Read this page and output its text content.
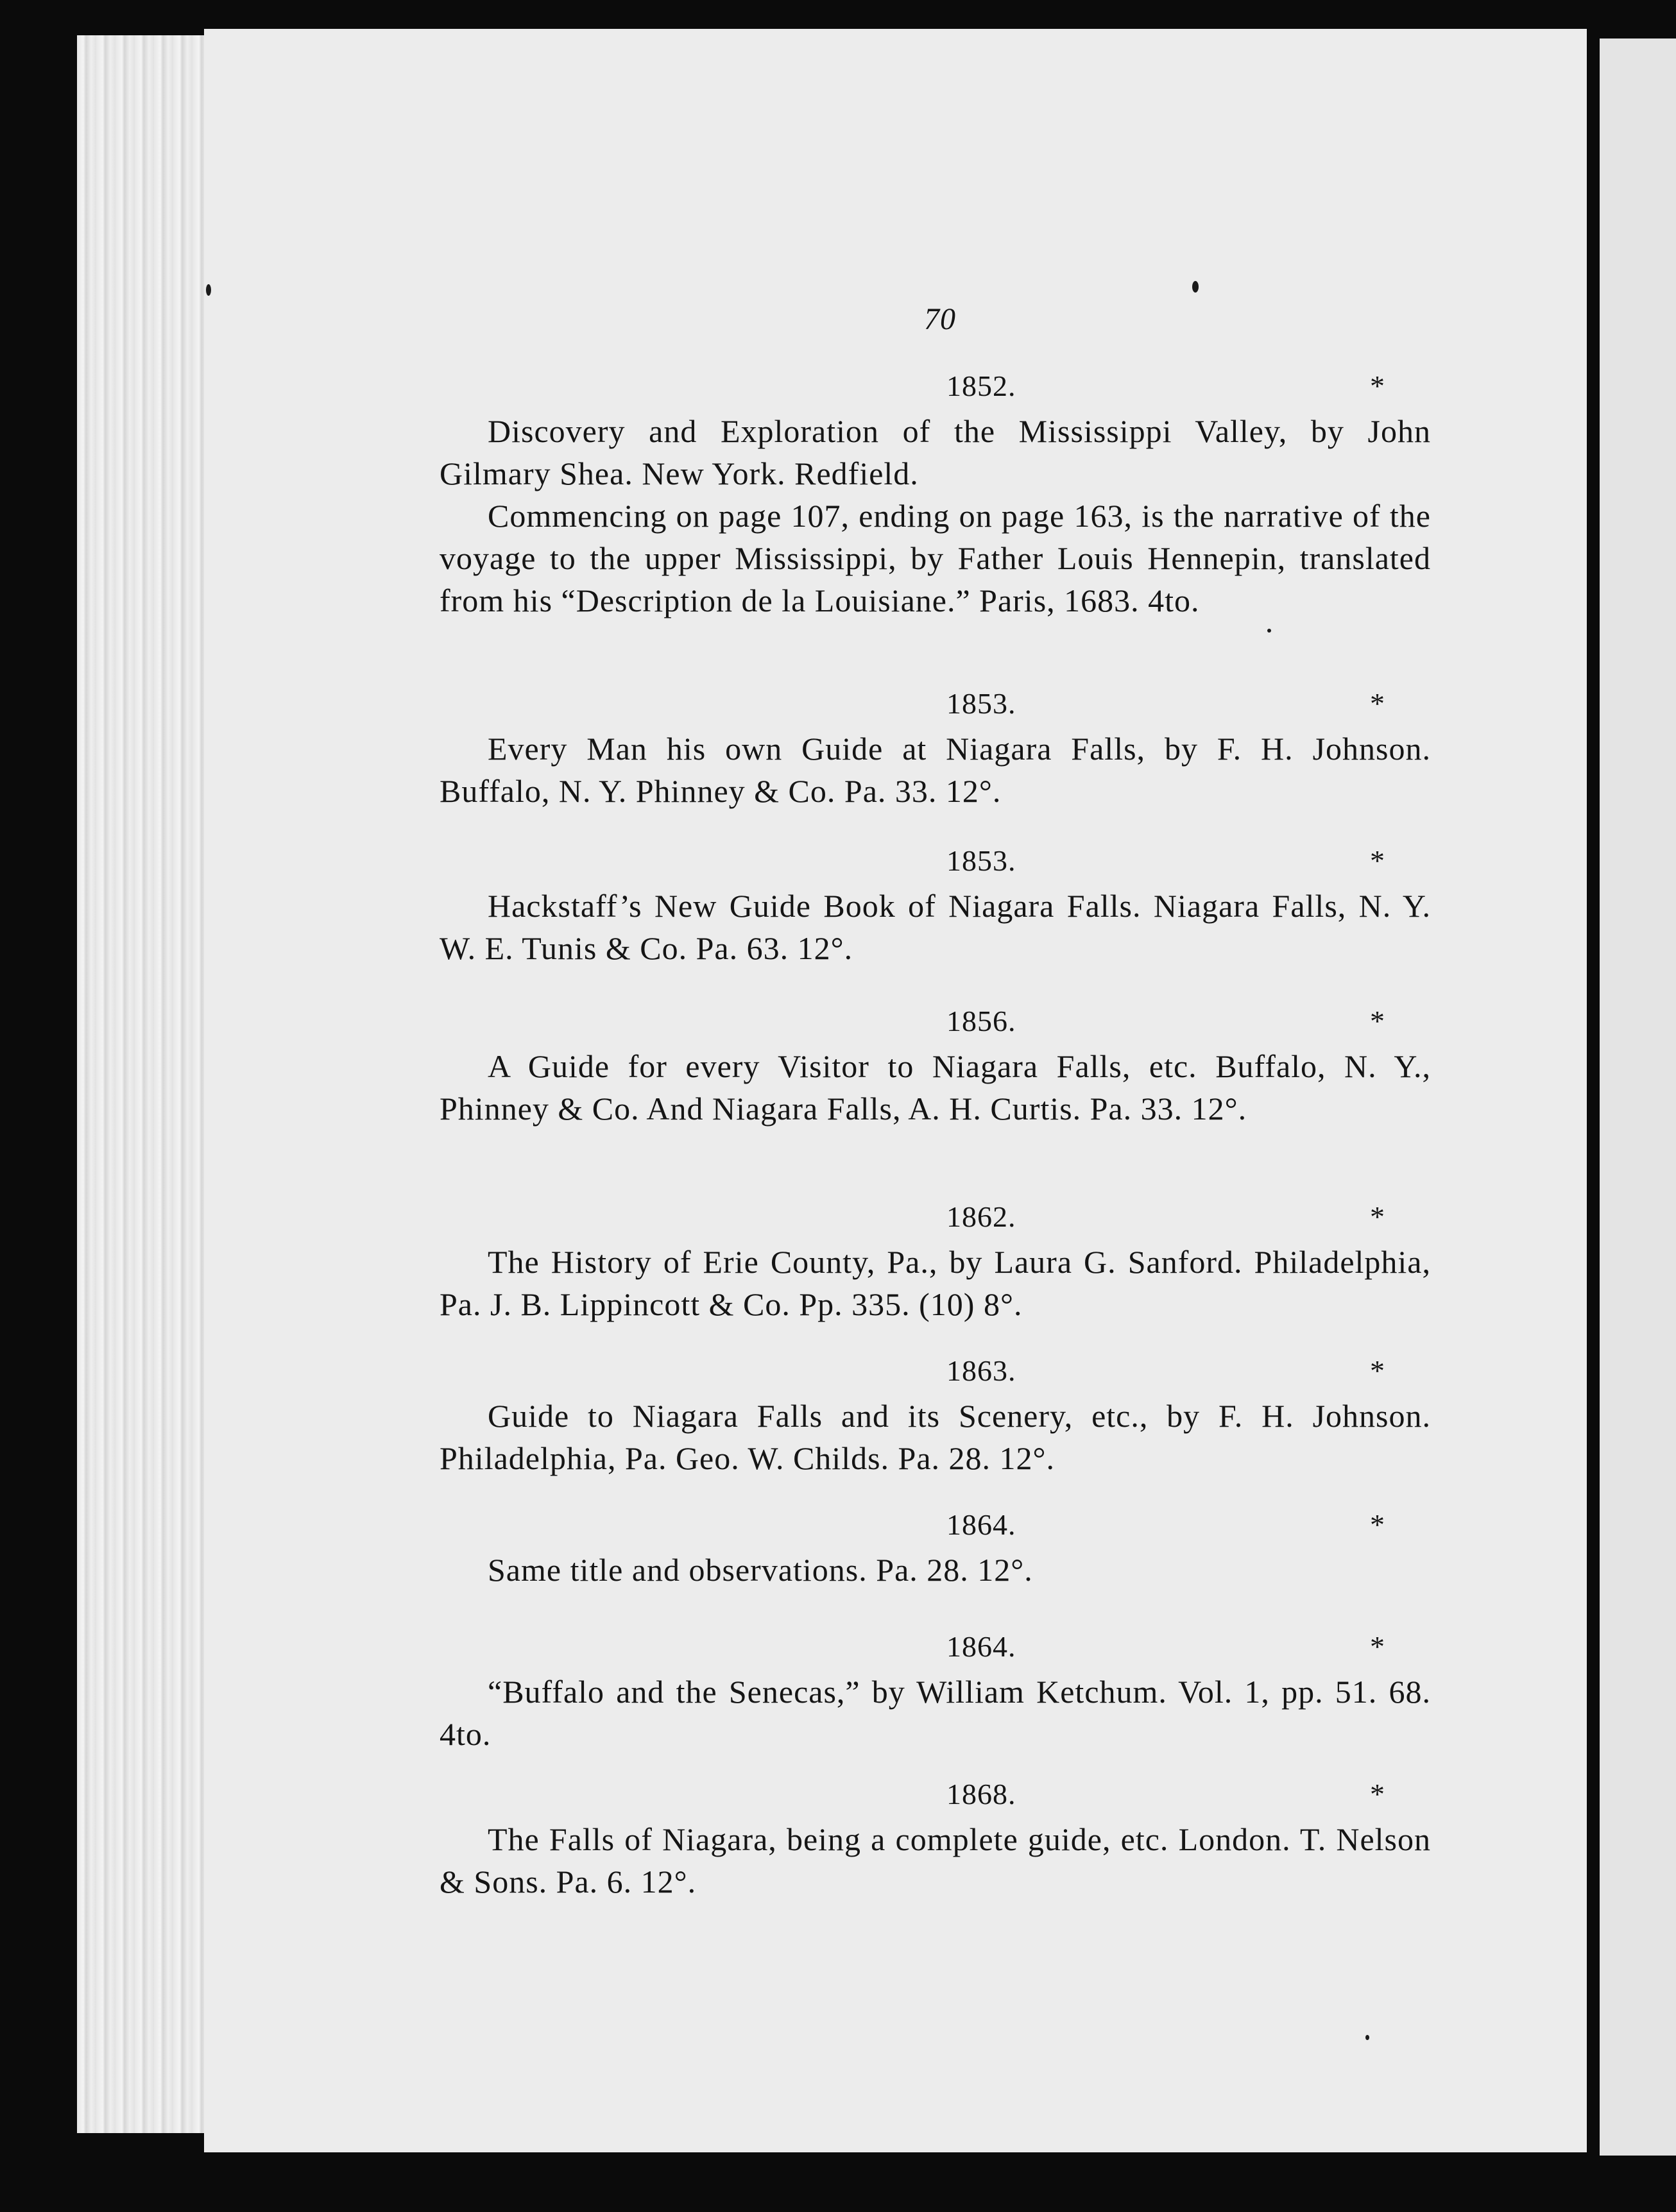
70
1852.	*

Discovery and Exploration of the Mississippi Valley, by John Gilmary Shea. New York. Redfield.

Commencing on page 107, ending on page 163, is the narrative of the voyage to the upper Mississippi, by Father Louis Hennepin, translated from his “Description de la Louisiane.” Paris, 1683. 4to.

1853.	*

Every Man his own Guide at Niagara Falls, by F. H. Johnson. Buffalo, N. Y. Phinney & Co. Pa. 33. 12°.

1853.	*

Hackstaff’s New Guide Book of Niagara Falls. Niagara Falls, N. Y. W. E. Tunis & Co. Pa. 63. 12°.

1856.	*

A Guide for every Visitor to Niagara Falls, etc. Buffalo, N. Y., Phinney & Co. And Niagara Falls, A. H. Curtis. Pa. 33. 12°.

1862.	*

The History of Erie County, Pa., by Laura G. Sanford. Philadelphia, Pa. J. B. Lippincott & Co. Pp. 335. (10) 8°.

1863.	*

Guide to Niagara Falls and its Scenery, etc., by F. H. Johnson. Philadelphia, Pa. Geo. W. Childs. Pa. 28. 12°.

1864.	*

Same title and observations. Pa. 28. 12°.

1864.	*

“Buffalo and the Senecas,” by William Ketchum. Vol. 1, pp. 51. 68. 4to.

1868.	*

The Falls of Niagara, being a complete guide, etc. London. T. Nelson & Sons. Pa. 6. 12°.
